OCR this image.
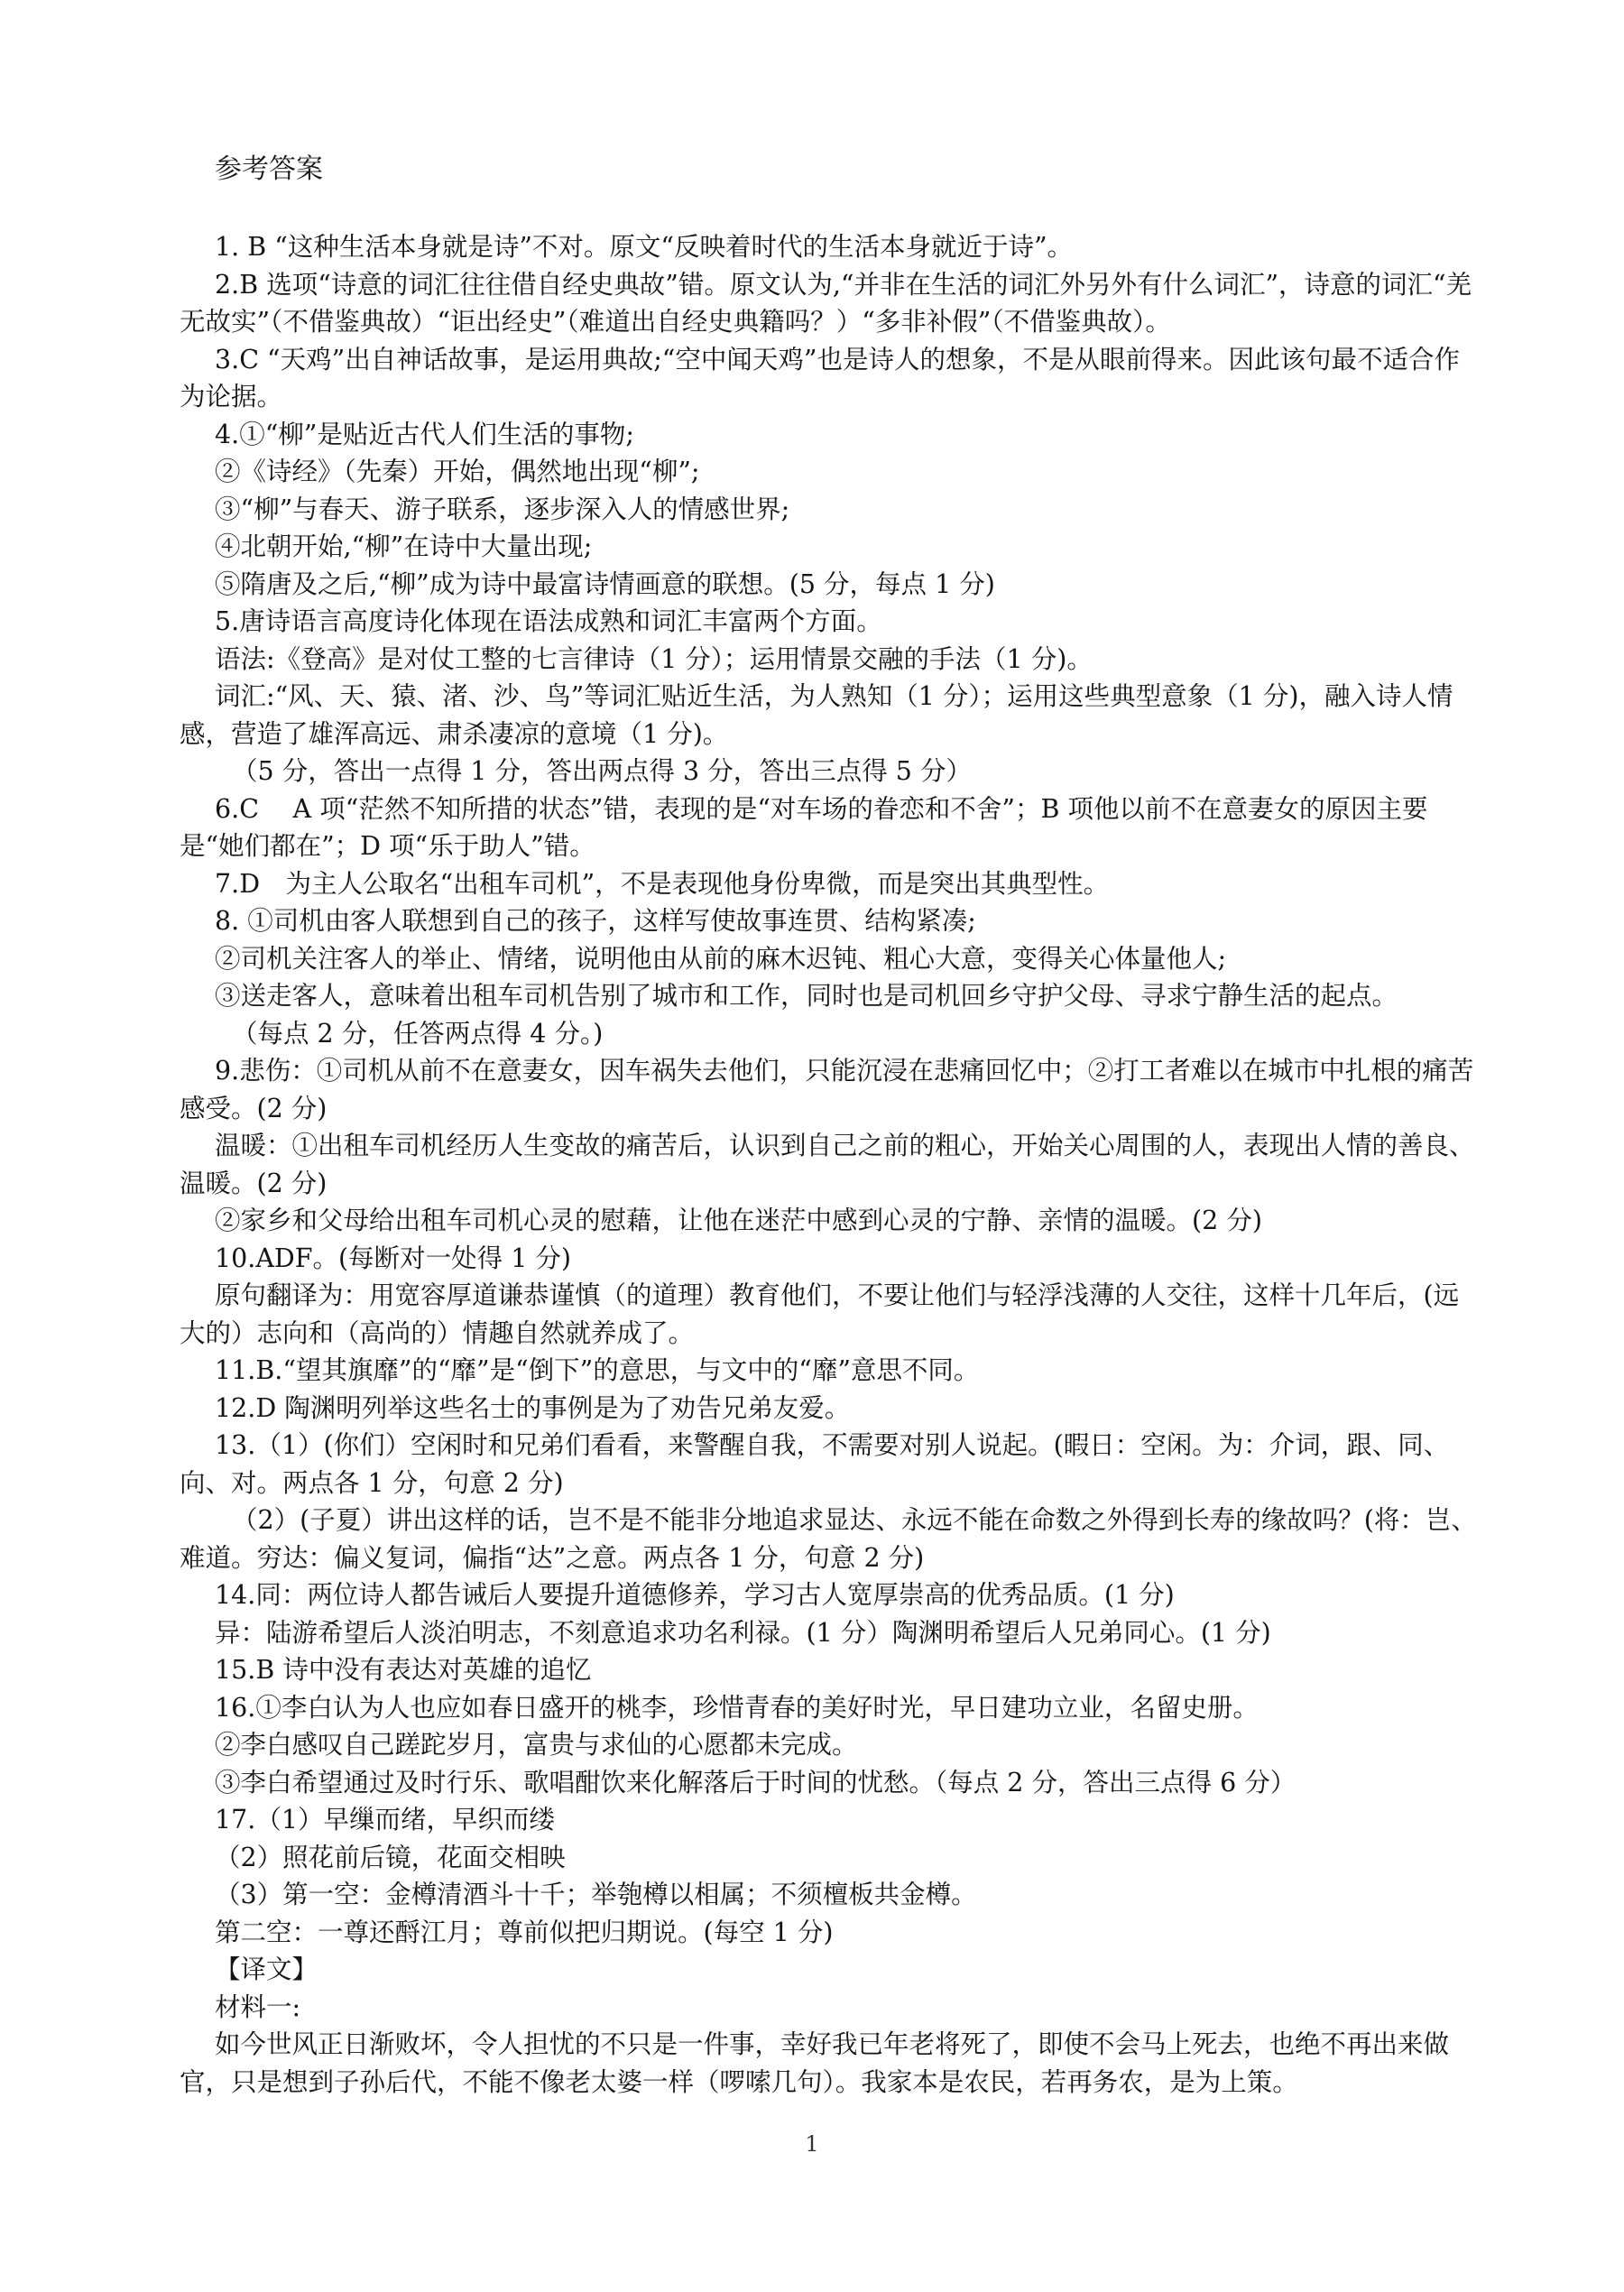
参考答案
1. B “这种生活本身就是诗”不对。原文“反映着时代的生活本身就近于诗”。
2.B 选项“诗意的词汇往往借自经史典故”错。原文认为,“并非在生活的词汇外另外有什么词汇”，诗意的词汇“羌无故实”（不借鉴典故）“讵出经史”（难道出自经史典籍吗？）“多非补假”（不借鉴典故）。
3.C “天鸡”出自神话故事，是运用典故;“空中闻天鸡”也是诗人的想象，不是从眼前得来。因此该句最不适合作为论据。
4.①“柳”是贴近古代人们生活的事物;
②《诗经》（先秦）开始，偶然地出现“柳”;
③“柳”与春天、游子联系，逐步深入人的情感世界;
④北朝开始,“柳”在诗中大量出现;
⑤隋唐及之后,“柳”成为诗中最富诗情画意的联想。(5 分，每点 1 分)
5.唐诗语言高度诗化体现在语法成熟和词汇丰富两个方面。
语法:《登高》是对仗工整的七言律诗（1 分）；运用情景交融的手法（1 分)。
词汇:“风、天、猿、渚、沙、鸟”等词汇贴近生活，为人熟知（1 分）；运用这些典型意象（1 分)，融入诗人情感，营造了雄浑高远、肃杀凄凉的意境（1 分)。
（5 分，答出一点得 1 分，答出两点得 3 分，答出三点得 5 分）
6.C　 A 项“茫然不知所措的状态”错，表现的是“对车场的眷恋和不舍”；B 项他以前不在意妻女的原因主要是“她们都在”；D 项“乐于助人”错。
7.D　为主人公取名“出租车司机”，不是表现他身份卑微，而是突出其典型性。
8. ①司机由客人联想到自己的孩子，这样写使故事连贯、结构紧凑;
②司机关注客人的举止、情绪，说明他由从前的麻木迟钝、粗心大意，变得关心体量他人;
③送走客人，意味着出租车司机告别了城市和工作，同时也是司机回乡守护父母、寻求宁静生活的起点。
（每点 2 分，任答两点得 4 分。)
9.悲伤：①司机从前不在意妻女，因车祸失去他们，只能沉浸在悲痛回忆中；②打工者难以在城市中扎根的痛苦感受。(2 分)
温暖：①出租车司机经历人生变故的痛苦后，认识到自己之前的粗心，开始关心周围的人，表现出人情的善良、温暖。(2 分)
②家乡和父母给出租车司机心灵的慰藉，让他在迷茫中感到心灵的宁静、亲情的温暖。(2 分)
10.ADF。(每断对一处得 1 分)
原句翻译为：用宽容厚道谦恭谨慎（的道理）教育他们，不要让他们与轻浮浅薄的人交往，这样十几年后，(远大的）志向和（高尚的）情趣自然就养成了。
11.B.“望其旗靡”的“靡”是“倒下”的意思，与文中的“靡”意思不同。
12.D 陶渊明列举这些名士的事例是为了劝告兄弟友爱。
13.（1）(你们）空闲时和兄弟们看看，来警醒自我，不需要对别人说起。(暇日：空闲。为：介词，跟、同、向、对。两点各 1 分，句意 2 分)
（2）(子夏）讲出这样的话，岂不是不能非分地追求显达、永远不能在命数之外得到长寿的缘故吗？(将：岂、难道。穷达：偏义复词，偏指“达”之意。两点各 1 分，句意 2 分)
14.同：两位诗人都告诫后人要提升道德修养，学习古人宽厚崇高的优秀品质。(1 分)
异：陆游希望后人淡泊明志，不刻意追求功名利禄。(1 分）陶渊明希望后人兄弟同心。(1 分)
15.B 诗中没有表达对英雄的追忆
16.①李白认为人也应如春日盛开的桃李，珍惜青春的美好时光，早日建功立业，名留史册。
②李白感叹自己蹉跎岁月，富贵与求仙的心愿都未完成。
③李白希望通过及时行乐、歌唱酣饮来化解落后于时间的忧愁。（每点 2 分，答出三点得 6 分）
17.（1）早缫而绪，早织而缕
（2）照花前后镜，花面交相映
（3）第一空：金樽清酒斗十千；举匏樽以相属；不须檀板共金樽。
第二空：一尊还酹江月；尊前似把归期说。(每空 1 分)
【译文】
材料一:
如今世风正日渐败坏，令人担忧的不只是一件事，幸好我已年老将死了，即使不会马上死去，也绝不再出来做官，只是想到子孙后代，不能不像老太婆一样（啰嗦几句）。我家本是农民，若再务农，是为上策。
1
